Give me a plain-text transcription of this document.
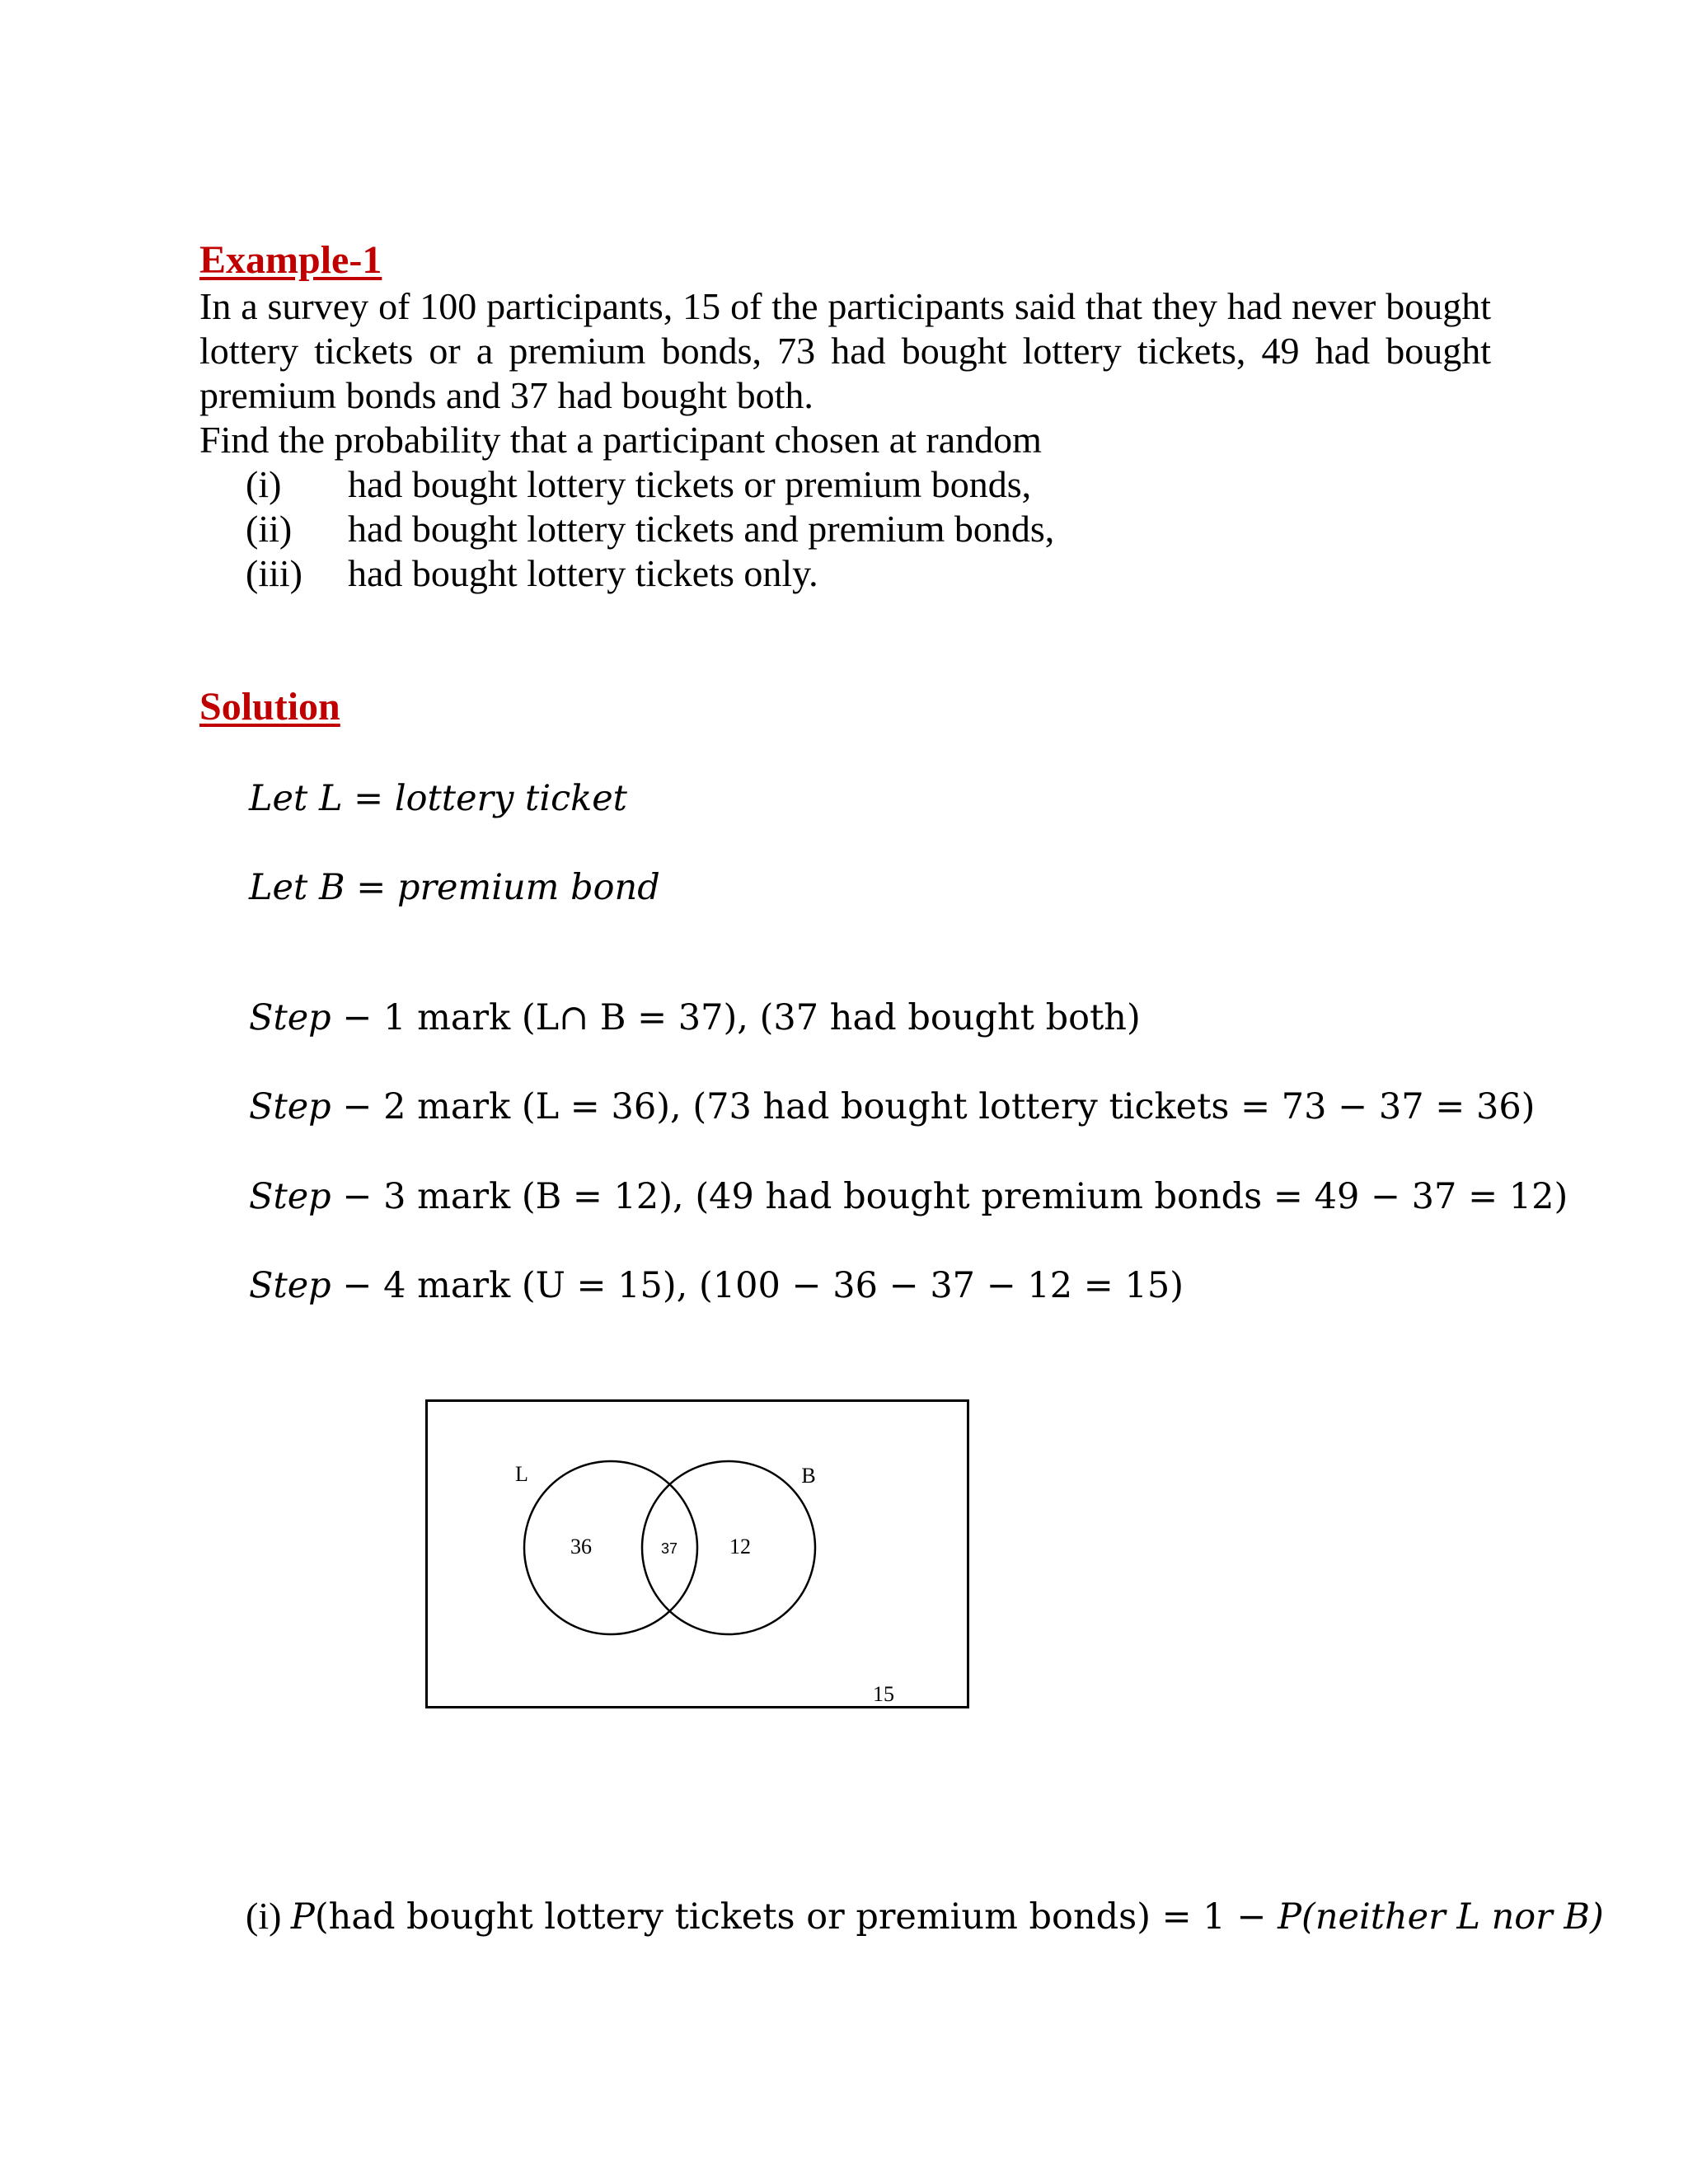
Example-1
In a survey of 100 participants, 15 of the participants said that they had never bought
lottery tickets or a premium bonds, 73 had bought lottery tickets, 49 had bought
premium bonds and 37 had bought both.
Find the probability that a participant chosen at random
(i) had bought lottery tickets or premium bonds,
(ii) had bought lottery tickets and premium bonds,
(iii) had bought lottery tickets only.
Solution
Let L = lottery ticket
Let B = premium bond
Step − 1 mark (L∩ B = 37), (37 had bought both)
Step − 2 mark (L = 36), (73 had bought lottery tickets = 73 − 37 = 36)
Step − 3 mark (B = 12), (49 had bought premium bonds = 49 − 37 = 12)
Step − 4 mark (U = 15), (100 − 36 − 37 − 12 = 15)
L	B
36	37 12
15
(i) P(had bought lottery tickets or premium bonds) = 1 − P(neither L nor B)
